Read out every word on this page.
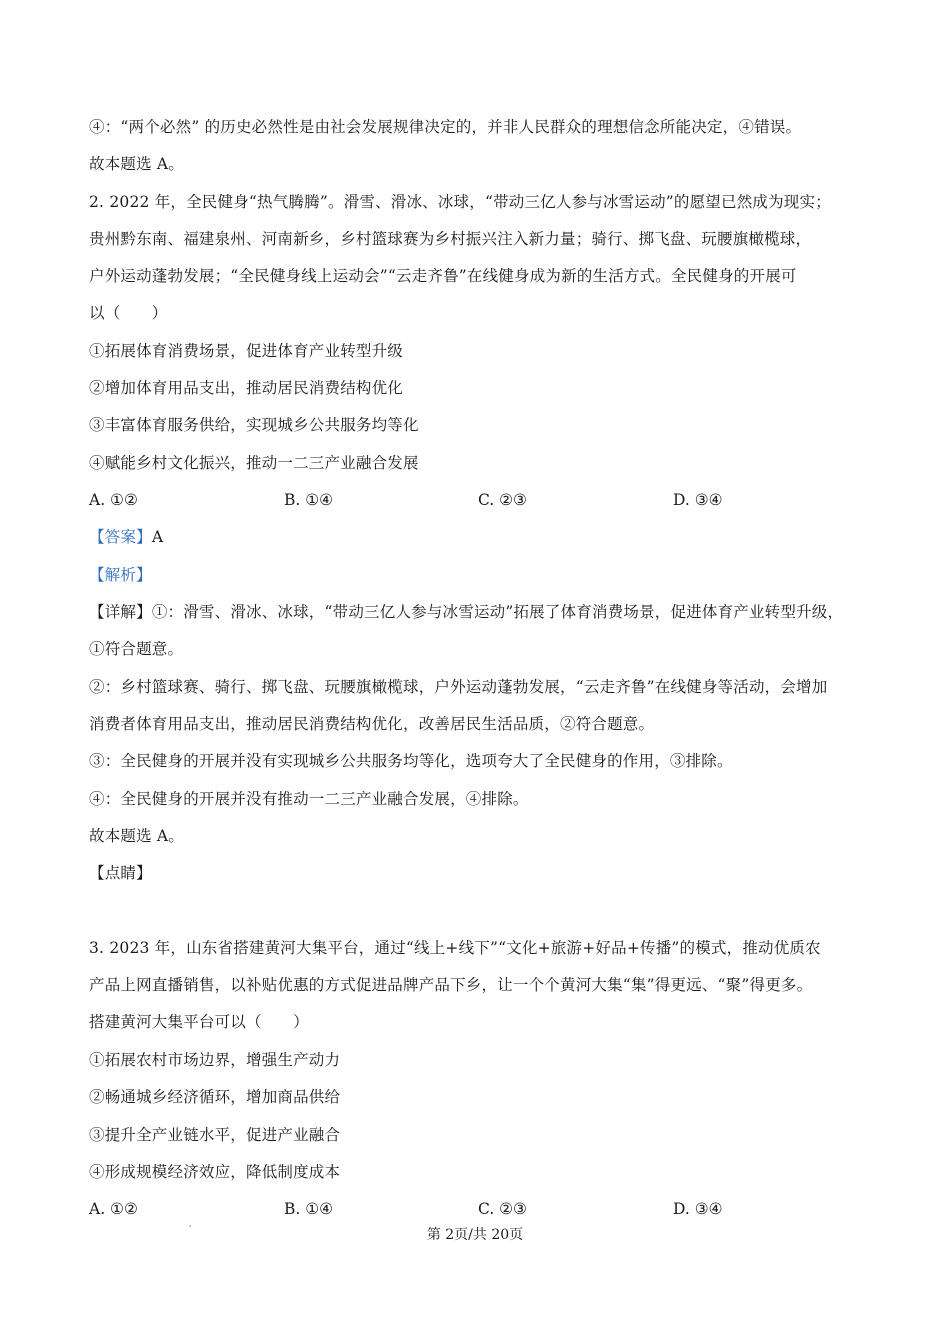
④：“两个必然” 的历史必然性是由社会发展规律决定的，并非人民群众的理想信念所能决定，④错误。
故本题选 A。
2. 2022 年，全民健身“热气腾腾”。滑雪、滑冰、冰球，“带动三亿人参与冰雪运动”的愿望已然成为现实；
贵州黔东南、福建泉州、河南新乡，乡村篮球赛为乡村振兴注入新力量；骑行、掷飞盘、玩腰旗橄榄球，
户外运动蓬勃发展；“全民健身线上运动会”“云走齐鲁”在线健身成为新的生活方式。全民健身的开展可
以（　　）
①拓展体育消费场景，促进体育产业转型升级
②增加体育用品支出，推动居民消费结构优化
③丰富体育服务供给，实现城乡公共服务均等化
④赋能乡村文化振兴，推动一二三产业融合发展
A. ①②	B. ①④	C. ②③	D. ③④
【答案】A
【解析】
【详解】①：滑雪、滑冰、冰球，“带动三亿人参与冰雪运动”拓展了体育消费场景，促进体育产业转型升级，
①符合题意。
②：乡村篮球赛、骑行、掷飞盘、玩腰旗橄榄球，户外运动蓬勃发展，“云走齐鲁”在线健身等活动，会增加
消费者体育用品支出，推动居民消费结构优化，改善居民生活品质，②符合题意。
③：全民健身的开展并没有实现城乡公共服务均等化，选项夸大了全民健身的作用，③排除。
④：全民健身的开展并没有推动一二三产业融合发展，④排除。
故本题选 A。
【点睛】
3. 2023 年，山东省搭建黄河大集平台，通过“线上+线下”“文化+旅游+好品+传播”的模式，推动优质农
产品上网直播销售，以补贴优惠的方式促进品牌产品下乡，让一个个黄河大集“集”得更远、“聚”得更多。
搭建黄河大集平台可以（　　）
①拓展农村市场边界，增强生产动力
②畅通城乡经济循环，增加商品供给
③提升全产业链水平，促进产业融合
④形成规模经济效应，降低制度成本
A. ①②	B. ①④	C. ②③	D. ③④
'	第 2页/共 20页
